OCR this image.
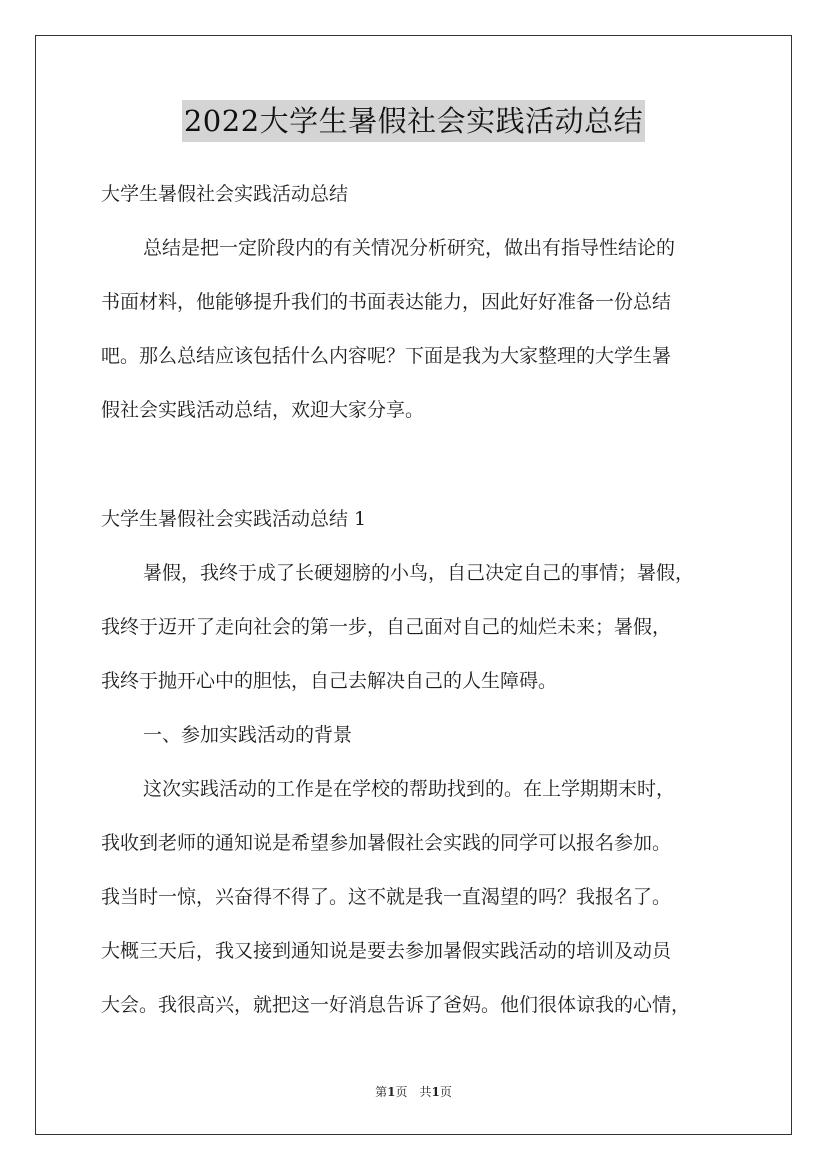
2022大学生暑假社会实践活动总结
大学生暑假社会实践活动总结
总结是把一定阶段内的有关情况分析研究，做出有指导性结论的
书面材料，他能够提升我们的书面表达能力，因此好好准备一份总结
吧。那么总结应该包括什么内容呢？下面是我为大家整理的大学生暑
假社会实践活动总结，欢迎大家分享。
大学生暑假社会实践活动总结 1
暑假，我终于成了长硬翅膀的小鸟，自己决定自己的事情；暑假，
我终于迈开了走向社会的第一步，自己面对自己的灿烂未来；暑假，
我终于抛开心中的胆怯，自己去解决自己的人生障碍。
一、参加实践活动的背景
这次实践活动的工作是在学校的帮助找到的。在上学期期末时，
我收到老师的通知说是希望参加暑假社会实践的同学可以报名参加。
我当时一惊，兴奋得不得了。这不就是我一直渴望的吗？我报名了。
大概三天后，我又接到通知说是要去参加暑假实践活动的培训及动员
大会。我很高兴，就把这一好消息告诉了爸妈。他们很体谅我的心情，
第1页　共1页
